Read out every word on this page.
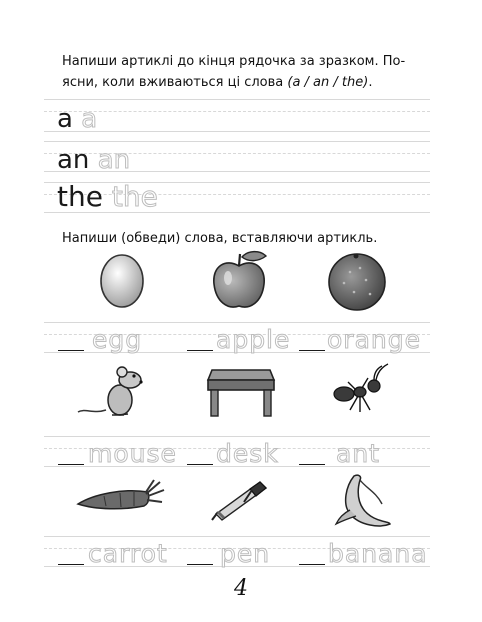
Напиши артиклі до кінця рядочка за зразком. По-
ясни, коли вживаються ці слова (a / an / the).
a a
an an
the the
Напиши (обведи) слова, вставляючи артикль.
egg	apple orange
mouse desk ant
carrot pen banana
4
